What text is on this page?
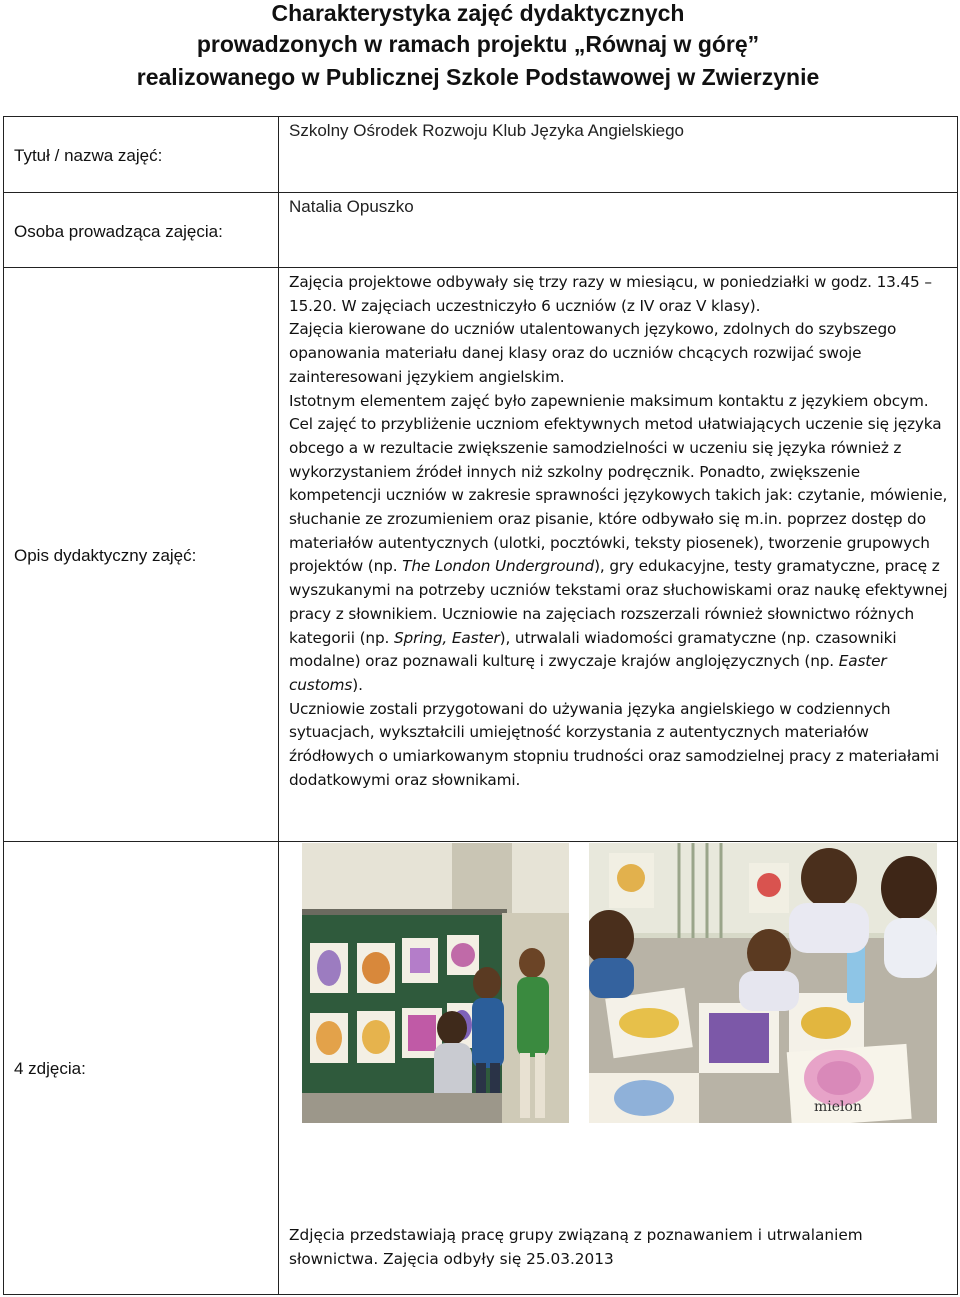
Charakterystyka zajęć dydaktycznych
prowadzonych w ramach projektu „Równaj w górę”
realizowanego w Publicznej Szkole Podstawowej w Zwierzynie
Tytuł / nazwa zajęć:
Osoba prowadząca zajęcia:
Opis dydaktyczny zajęć:
4 zdjęcia:
Szkolny Ośrodek Rozwoju Klub Języka Angielskiego
Natalia Opuszko

Zajęcia projektowe odbywały się trzy razy w miesiącu, w poniedziałki w godz. 13.45 – 15.20. W zajęciach uczestniczyło 6 uczniów (z IV oraz V klasy).

Zajęcia kierowane do uczniów utalentowanych językowo, zdolnych do szybszego opanowania materiału danej klasy oraz do uczniów chcących rozwijać swoje zainteresowani językiem angielskim.

Istotnym elementem zajęć było zapewnienie maksimum kontaktu z językiem obcym.

Cel zajęć to przybliżenie uczniom efektywnych metod ułatwiających uczenie się języka obcego a w rezultacie zwiększenie samodzielności w uczeniu się języka również z wykorzystaniem źródeł innych niż szkolny podręcznik. Ponadto, zwiększenie kompetencji uczniów w zakresie sprawności językowych takich jak: czytanie, mówienie, słuchanie ze zrozumieniem oraz pisanie, które odbywało się m.in. poprzez dostęp do materiałów autentycznych (ulotki, pocztówki, teksty piosenek), tworzenie grupowych projektów (np. The London Underground), gry edukacyjne, testy gramatyczne, pracę z wyszukanymi na potrzeby uczniów tekstami oraz słuchowiskami oraz naukę efektywnej pracy z słownikiem. Uczniowie na zajęciach rozszerzali również słownictwo różnych kategorii (np. Spring, Easter), utrwalali wiadomości gramatyczne (np. czasowniki modalne) oraz poznawali kulturę i zwyczaje krajów anglojęzycznych (np. Easter customs).

Uczniowie zostali przygotowani do używania języka angielskiego w codziennych sytuacjach, wykształcili umiejętność korzystania z autentycznych materiałów źródłowych o umiarkowanym stopniu trudności oraz samodzielnej pracy z materiałami dodatkowymi oraz słownikami.

mielon
Zdjęcia przedstawiają pracę grupy związaną z poznawaniem i utrwalaniem
słownictwa. Zajęcia odbyły się 25.03.2013
